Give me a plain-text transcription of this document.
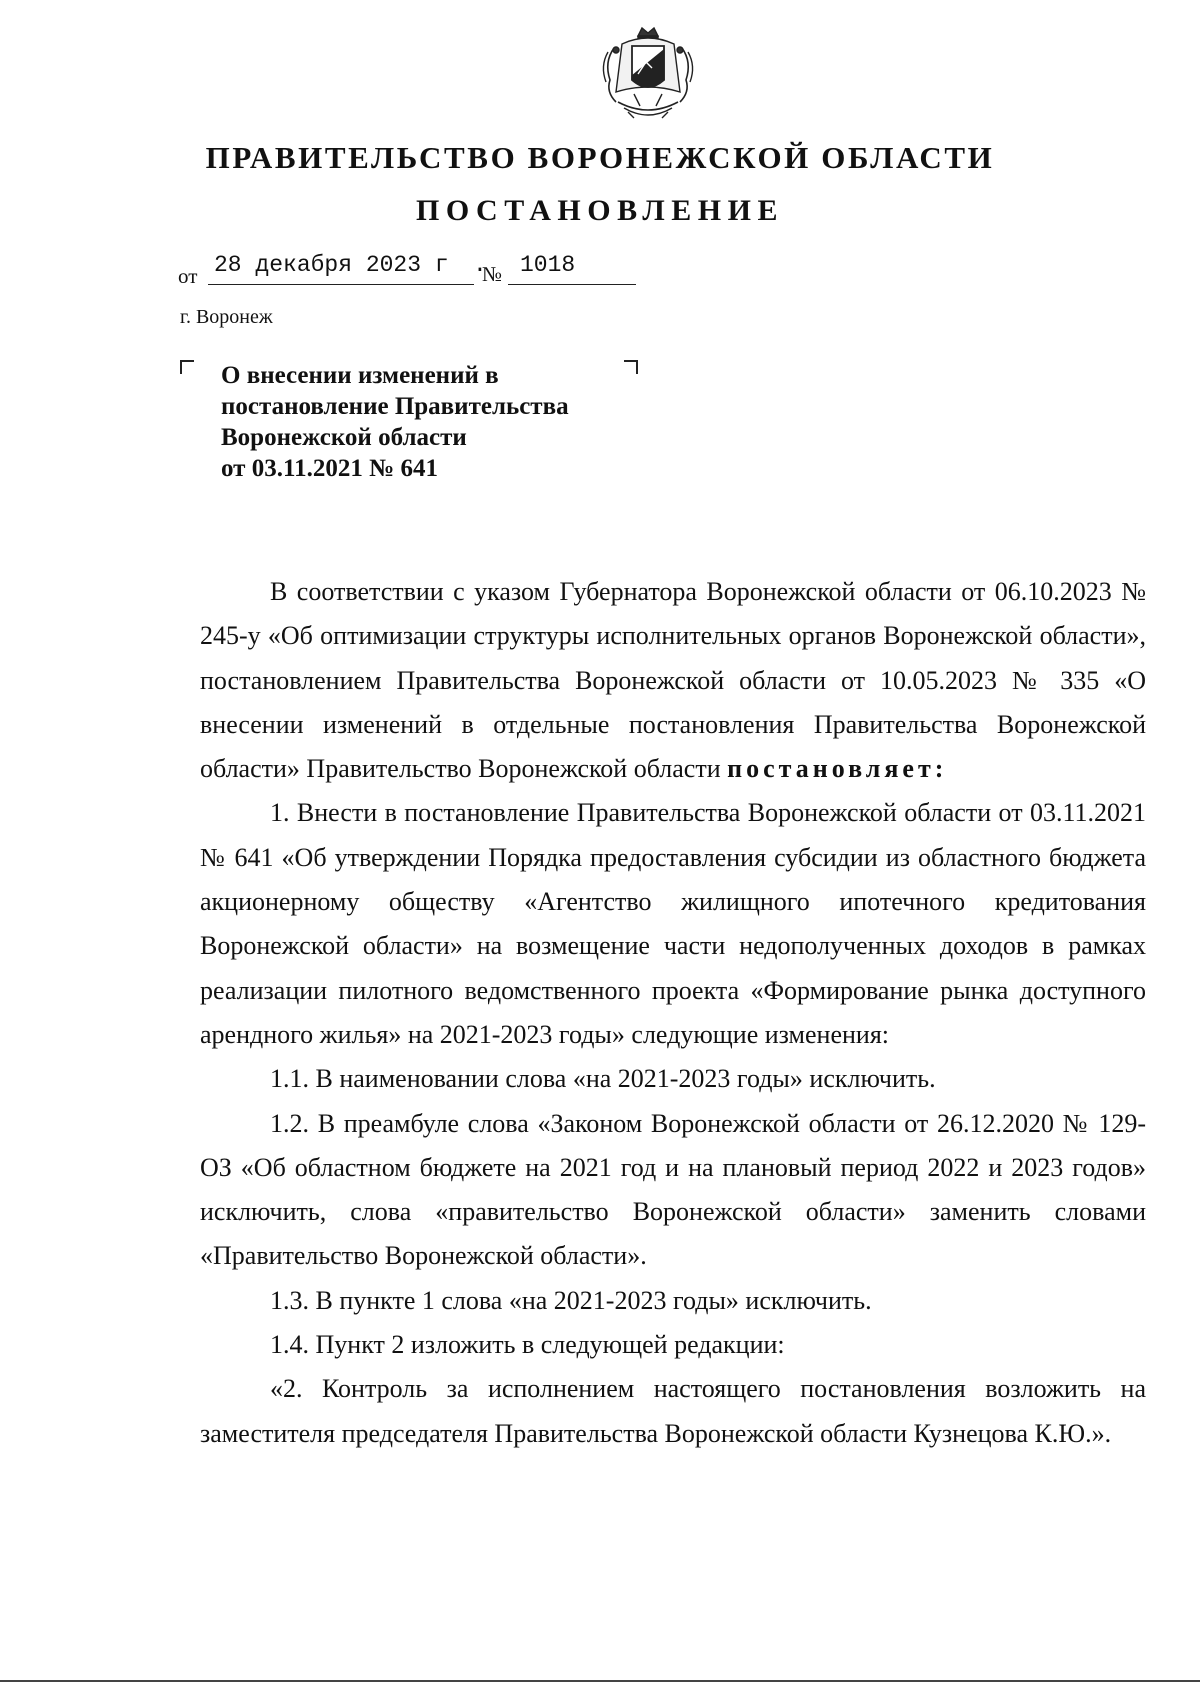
ПРАВИТЕЛЬСТВО ВОРОНЕЖСКОЙ ОБЛАСТИ
ПОСТАНОВЛЕНИЕ
от 28 декабря 2023 г .
№ 1018
г. Воронеж
О внесении изменений в
постановление Правительства
Воронежской области
от 03.11.2021 № 641

В соответствии с указом Губернатора Воронежской области от 06.10.2023 № 245-у «Об оптимизации структуры исполнительных органов Воронежской области», постановлением Правительства Воронежской области от 10.05.2023 № 335 «О внесении изменений в отдельные постановления Правительства Воронежской области» Правительство Воронежской области постановляет:

1. Внести в постановление Правительства Воронежской области от 03.11.2021 № 641 «Об утверждении Порядка предоставления субсидии из областного бюджета акционерному обществу «Агентство жилищного ипотечного кредитования Воронежской области» на возмещение части недополученных доходов в рамках реализации пилотного ведомственного проекта «Формирование рынка доступного арендного жилья» на 2021-2023 годы» следующие изменения:

1.1. В наименовании слова «на 2021-2023 годы» исключить.

1.2. В преамбуле слова «Законом Воронежской области от 26.12.2020 № 129-ОЗ «Об областном бюджете на 2021 год и на плановый период 2022 и 2023 годов» исключить, слова «правительство Воронежской области» заменить словами «Правительство Воронежской области».

1.3. В пункте 1 слова «на 2021-2023 годы» исключить.

1.4. Пункт 2 изложить в следующей редакции:

«2. Контроль за исполнением настоящего постановления возложить на заместителя председателя Правительства Воронежской области Кузнецова К.Ю.».
